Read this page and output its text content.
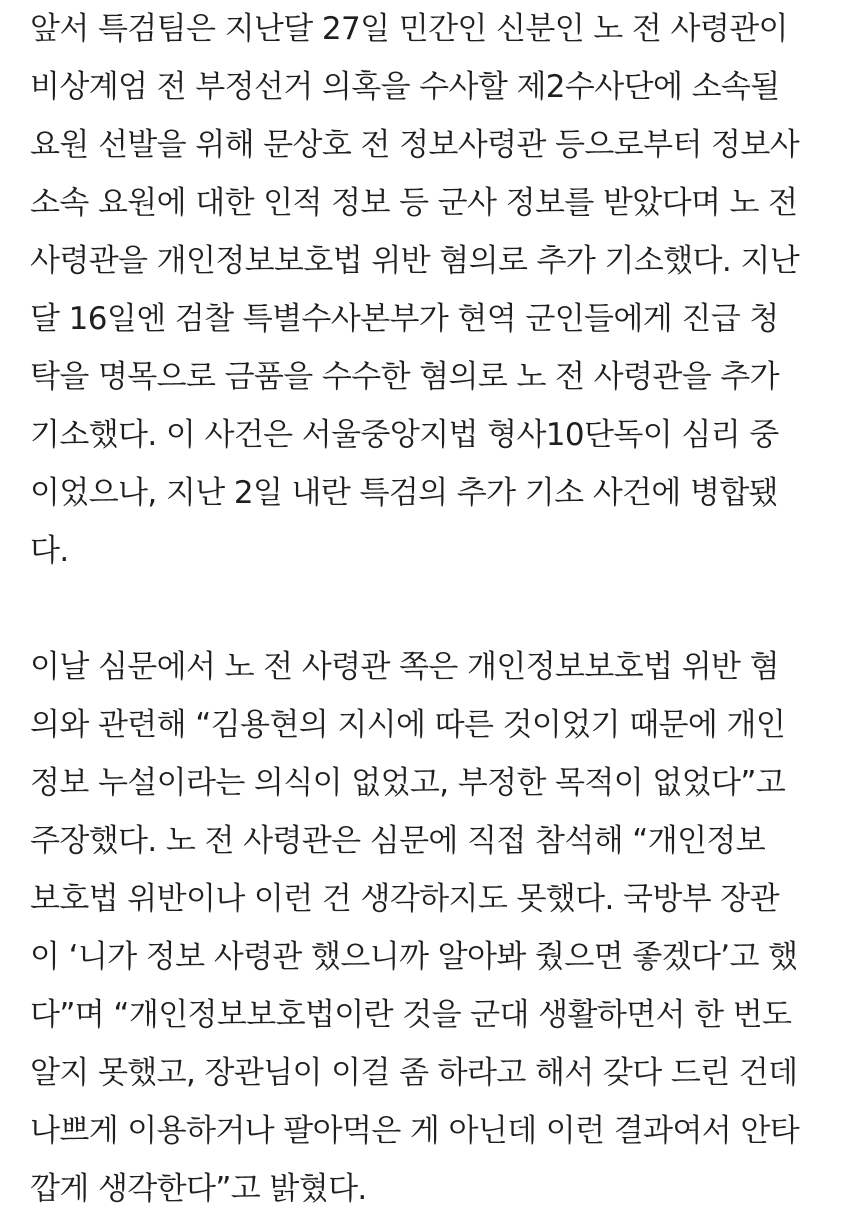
앞서 특검팀은 지난달 27일 민간인 신분인 노 전 사령관이
비상계엄 전 부정선거 의혹을 수사할 제2수사단에 소속될
요원 선발을 위해 문상호 전 정보사령관 등으로부터 정보사
소속 요원에 대한 인적 정보 등 군사 정보를 받았다며 노 전
사령관을 개인정보보호법 위반 혐의로 추가 기소했다. 지난
달 16일엔 검찰 특별수사본부가 현역 군인들에게 진급 청
탁을 명목으로 금품을 수수한 혐의로 노 전 사령관을 추가
기소했다. 이 사건은 서울중앙지법 형사10단독이 심리 중
이었으나, 지난 2일 내란 특검의 추가 기소 사건에 병합됐
다.

이날 심문에서 노 전 사령관 쪽은 개인정보보호법 위반 혐
의와 관련해 “김용현의 지시에 따른 것이었기 때문에 개인
정보 누설이라는 의식이 없었고, 부정한 목적이 없었다”고
주장했다. 노 전 사령관은 심문에 직접 참석해 “개인정보
보호법 위반이나 이런 건 생각하지도 못했다. 국방부 장관
이 ‘니가 정보 사령관 했으니까 알아봐 줬으면 좋겠다’고 했
다”며 “개인정보보호법이란 것을 군대 생활하면서 한 번도
알지 못했고, 장관님이 이걸 좀 하라고 해서 갖다 드린 건데
나쁘게 이용하거나 팔아먹은 게 아닌데 이런 결과여서 안타
깝게 생각한다”고 밝혔다.
